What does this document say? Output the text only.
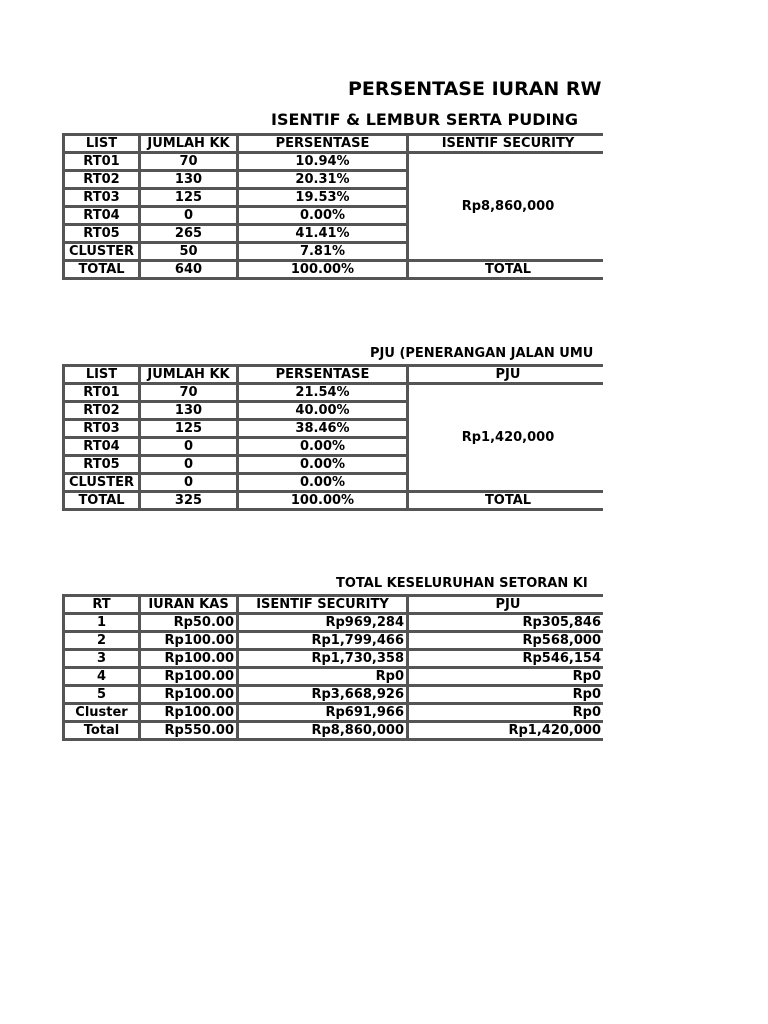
PERSENTASE IURAN RW
ISENTIF & LEMBUR SERTA PUDING
LIST	JUMLAH KK	PERSENTASE	ISENTIF SECURITY
RT01	70	10.94%	Rp8,860,000
RT02	130	20.31%	
RT03	125	19.53%	
RT04	0	0.00%	
RT05	265	41.41%	
CLUSTER	50	7.81%	
TOTAL	640	100.00%	TOTAL
PJU (PENERANGAN JALAN UMU
LIST	JUMLAH KK	PERSENTASE	PJU
RT01	70	21.54%	Rp1,420,000
RT02	130	40.00%	
RT03	125	38.46%	
RT04	0	0.00%	
RT05	0	0.00%	
CLUSTER	0	0.00%	
TOTAL	325	100.00%	TOTAL
TOTAL KESELURUHAN SETORAN KI
RT	IURAN KAS	ISENTIF SECURITY	PJU
1	Rp50.00	Rp969,284	Rp305,846
2	Rp100.00	Rp1,799,466	Rp568,000
3	Rp100.00	Rp1,730,358	Rp546,154
4	Rp100.00	Rp0	Rp0
5	Rp100.00	Rp3,668,926	Rp0
Cluster	Rp100.00	Rp691,966	Rp0
Total	Rp550.00	Rp8,860,000	Rp1,420,000
